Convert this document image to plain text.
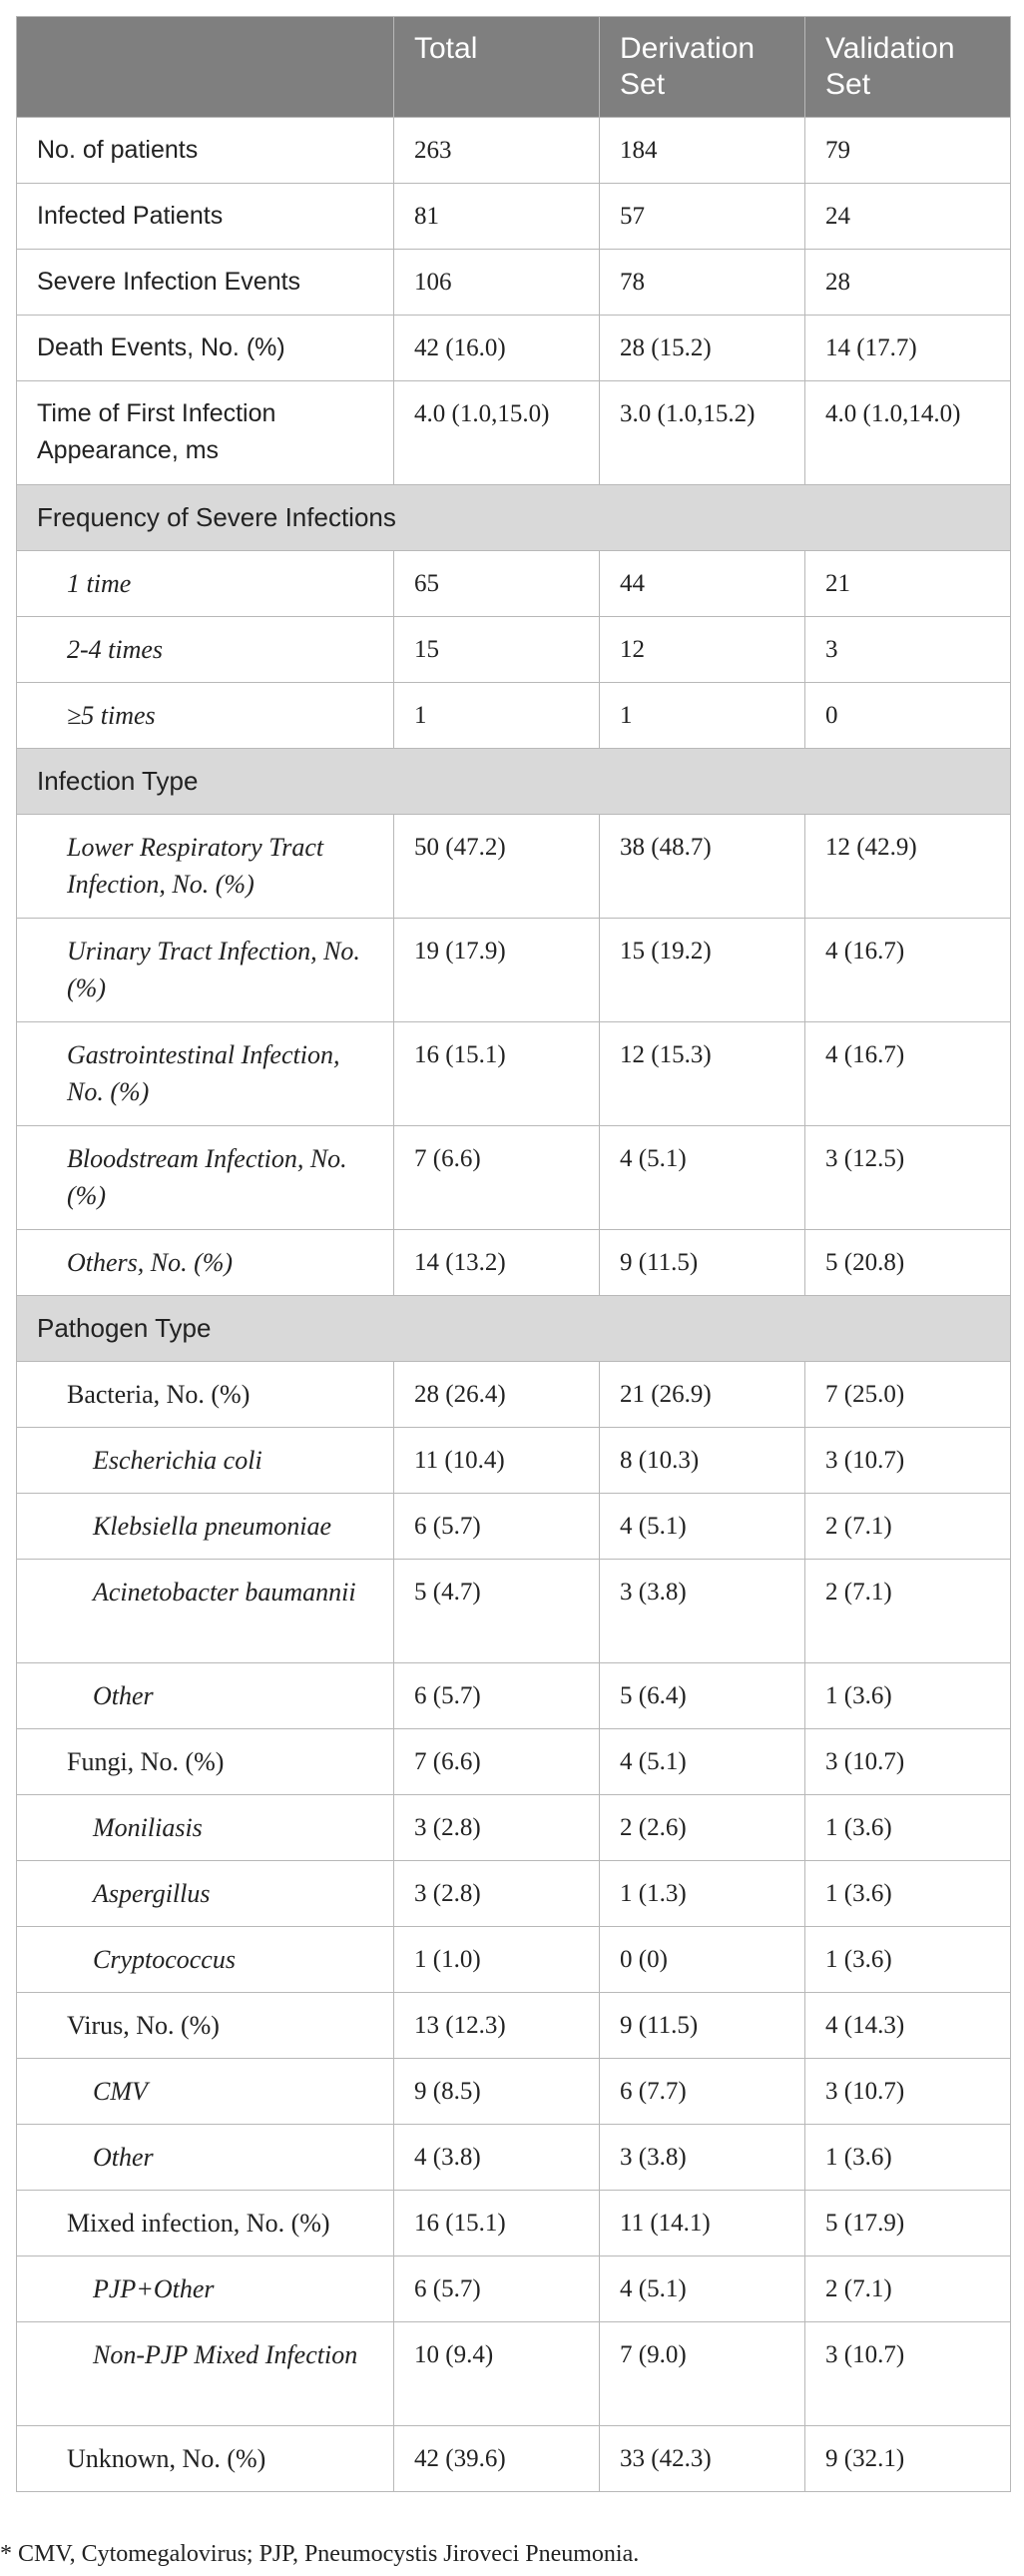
	Total	Derivation Set	Validation Set
No. of patients	263	184	79
Infected Patients	81	57	24
Severe Infection Events	106	78	28
Death Events, No. (%)	42 (16.0)	28 (15.2)	14 (17.7)
Time of First Infection Appearance, ms	4.0 (1.0,15.0)	3.0 (1.0,15.2)	4.0 (1.0,14.0)
Frequency of Severe Infections			
1 time	65	44	21
2-4 times	15	12	3
≥5 times	1	1	0
Infection Type			
Lower Respiratory Tract Infection, No. (%)	50 (47.2)	38 (48.7)	12 (42.9)
Urinary Tract Infection, No. (%)	19 (17.9)	15 (19.2)	4 (16.7)
Gastrointestinal Infection, No. (%)	16 (15.1)	12 (15.3)	4 (16.7)
Bloodstream Infection, No. (%)	7 (6.6)	4 (5.1)	3 (12.5)
Others, No. (%)	14 (13.2)	9 (11.5)	5 (20.8)
Pathogen Type			
Bacteria, No. (%)	28 (26.4)	21 (26.9)	7 (25.0)
Escherichia coli	11 (10.4)	8 (10.3)	3 (10.7)
Klebsiella pneumoniae	6 (5.7)	4 (5.1)	2 (7.1)
Acinetobacter baumannii	5 (4.7)	3 (3.8)	2 (7.1)
Other	6 (5.7)	5 (6.4)	1 (3.6)
Fungi, No. (%)	7 (6.6)	4 (5.1)	3 (10.7)
Moniliasis	3 (2.8)	2 (2.6)	1 (3.6)
Aspergillus	3 (2.8)	1 (1.3)	1 (3.6)
Cryptococcus	1 (1.0)	0 (0)	1 (3.6)
Virus, No. (%)	13 (12.3)	9 (11.5)	4 (14.3)
CMV	9 (8.5)	6 (7.7)	3 (10.7)
Other	4 (3.8)	3 (3.8)	1 (3.6)
Mixed infection, No. (%)	16 (15.1)	11 (14.1)	5 (17.9)
PJP+Other	6 (5.7)	4 (5.1)	2 (7.1)
Non-PJP Mixed Infection	10 (9.4)	7 (9.0)	3 (10.7)
Unknown, No. (%)	42 (39.6)	33 (42.3)	9 (32.1)
* CMV, Cytomegalovirus; PJP, Pneumocystis Jiroveci Pneumonia.
